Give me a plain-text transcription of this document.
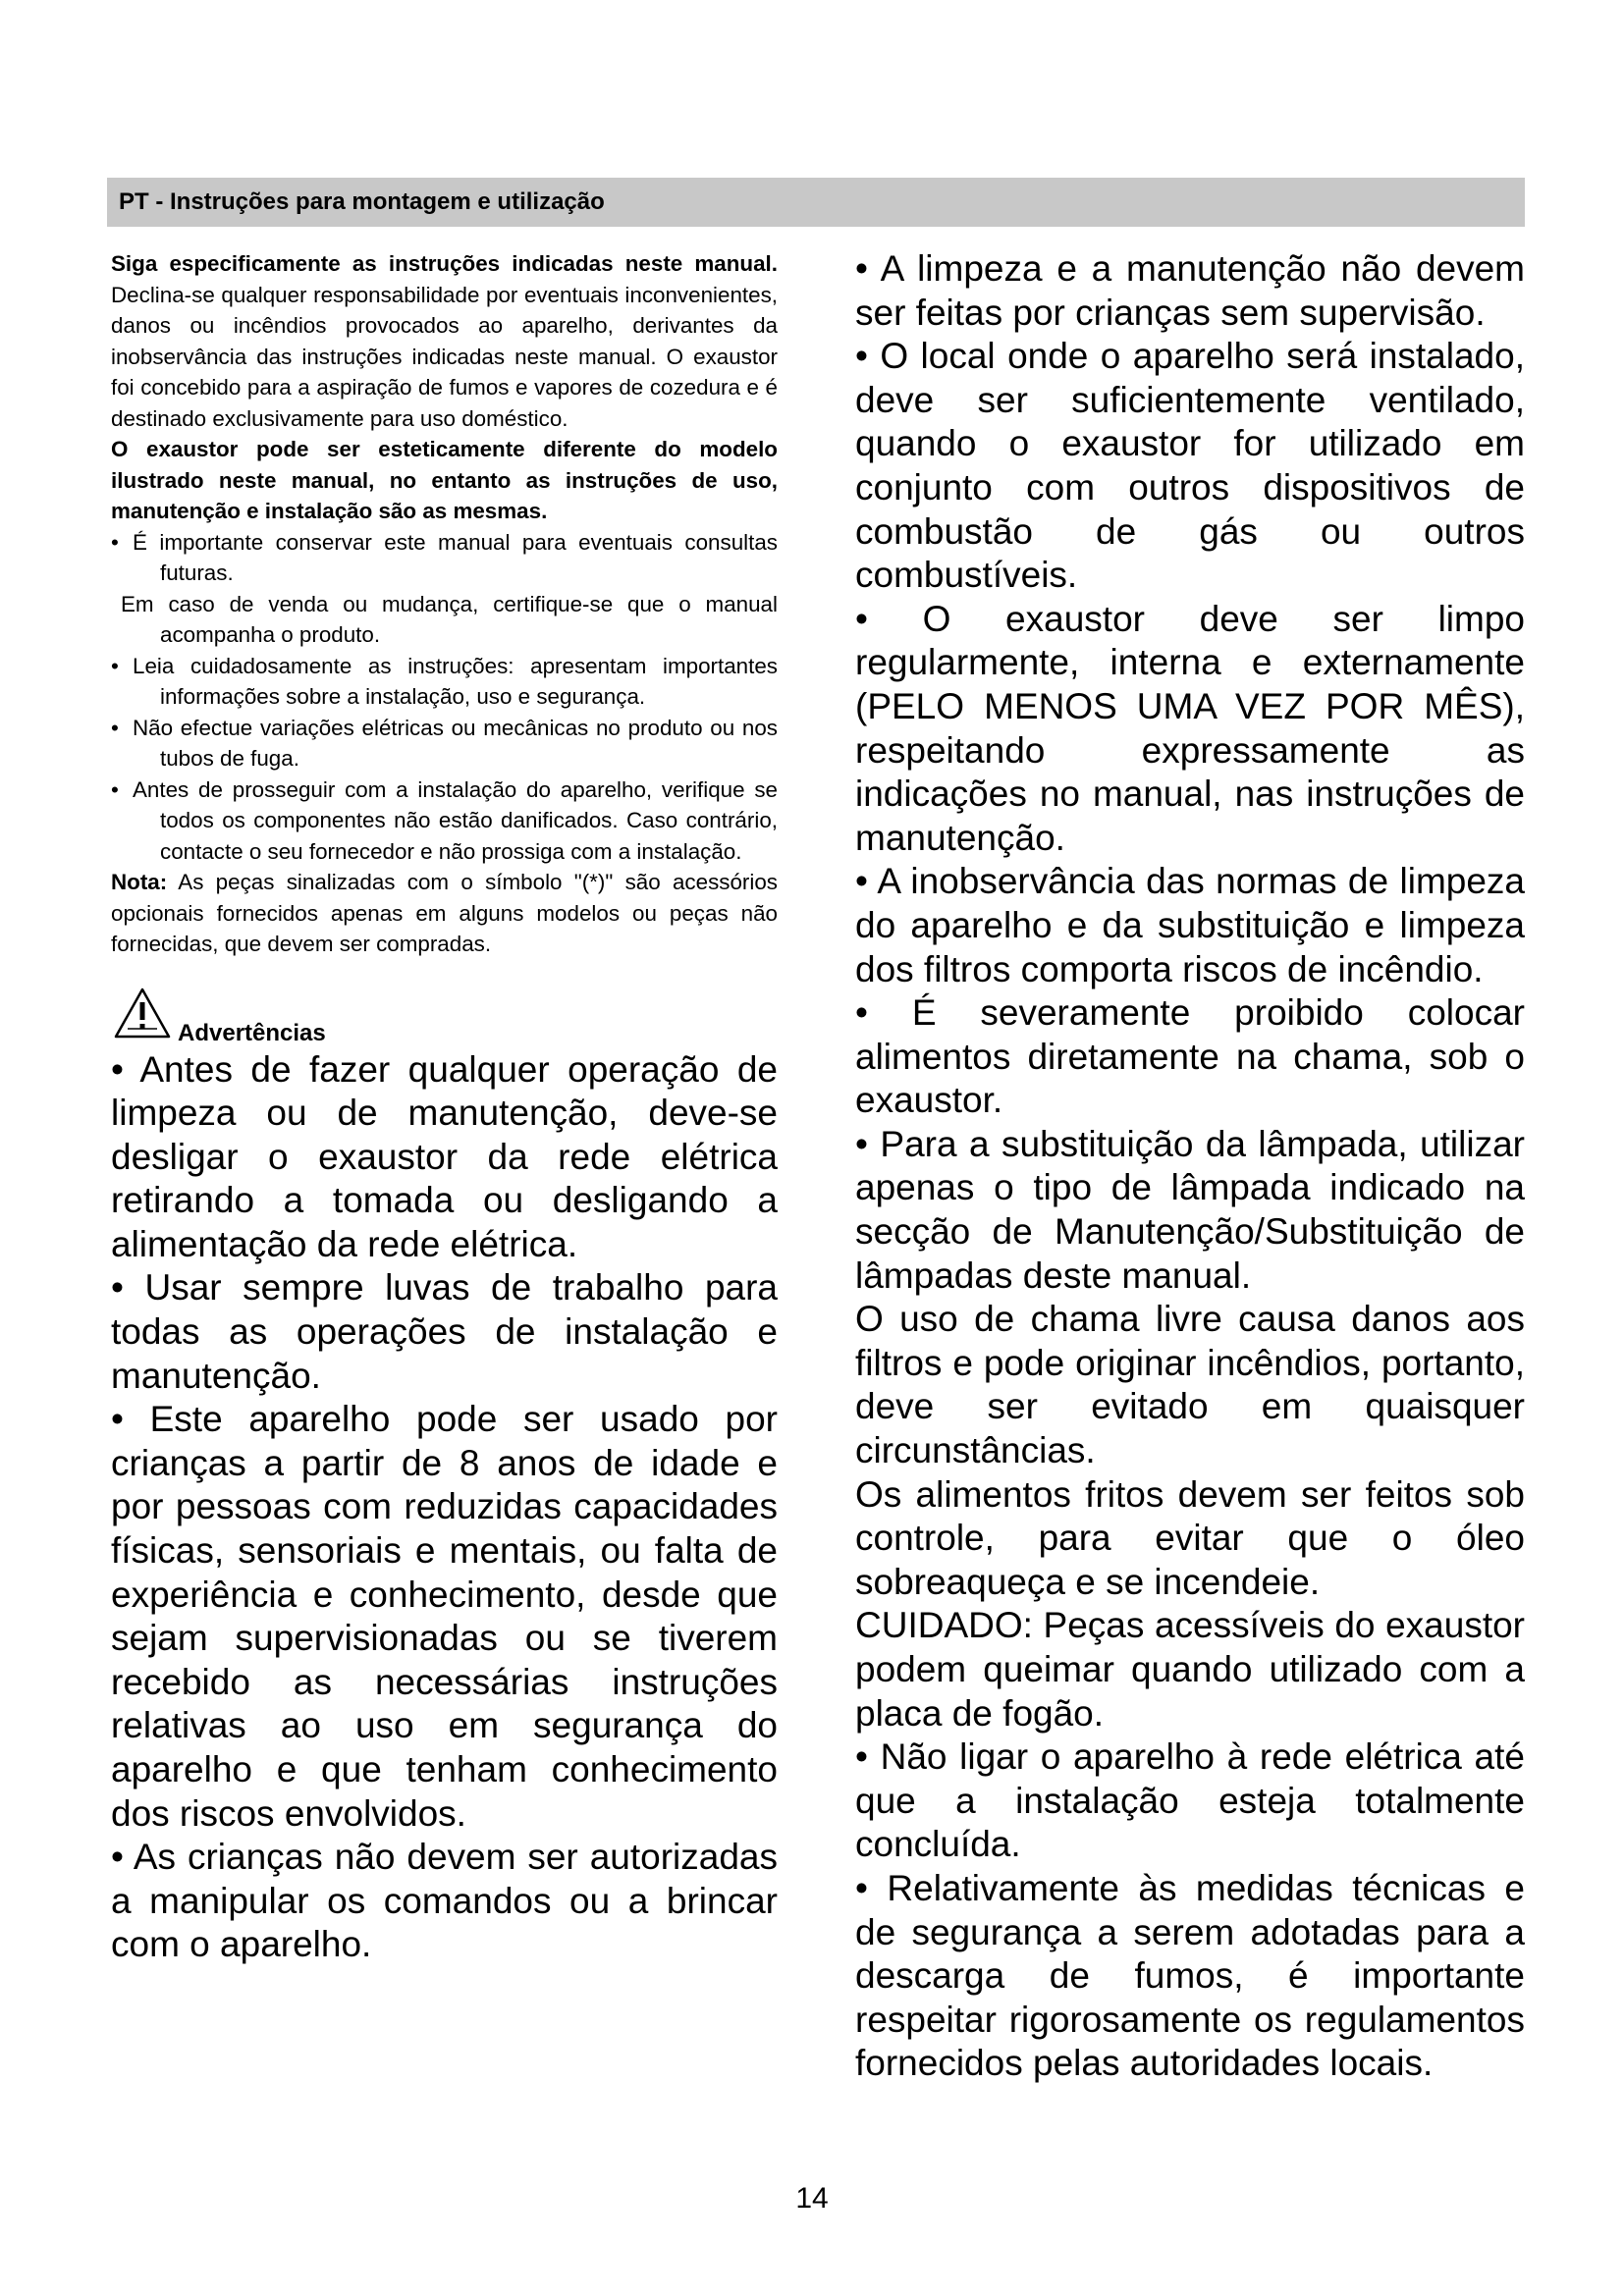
PT - Instruções para montagem e utilização

Siga especificamente as instruções indicadas neste manual. Declina-se qualquer responsabilidade por eventuais inconvenientes, danos ou incêndios provocados ao aparelho, derivantes da inobservância das instruções indicadas neste manual. O exaustor foi concebido para a aspiração de fumos e vapores de cozedura e é destinado exclusivamente para uso doméstico.

O exaustor pode ser esteticamente diferente do modelo ilustrado neste manual, no entanto as instruções de uso, manutenção e instalação são as mesmas.

• É importante conservar este manual para eventuais consultas futuras.

Em caso de venda ou mudança, certifique-se que o manual acompanha o produto.

• Leia cuidadosamente as instruções: apresentam importantes informações sobre a instalação, uso e segurança.

• Não efectue variações elétricas ou mecânicas no produto ou nos tubos de fuga.

• Antes de prosseguir com a instalação do aparelho, verifique se todos os componentes não estão danificados. Caso contrário, contacte o seu fornecedor e não prossiga com a instalação.

Nota: As peças sinalizadas com o símbolo "(*)" são acessórios opcionais fornecidos apenas em alguns modelos ou peças não fornecidas, que devem ser compradas.

Advertências

• Antes de fazer qualquer operação de limpeza ou de manutenção, deve-se desligar o exaustor da rede elétrica retirando a tomada ou desligando a alimentação da rede elétrica.

• Usar sempre luvas de trabalho para todas as operações de instalação e manutenção.

• Este aparelho pode ser usado por crianças a partir de 8 anos de idade e por pessoas com reduzidas capacidades físicas, sensoriais e mentais, ou falta de experiência e conhecimento, desde que sejam supervisionadas ou se tiverem recebido as necessárias instruções relativas ao uso em segurança do aparelho e que tenham conhecimento dos riscos envolvidos.

• As crianças não devem ser autorizadas a manipular os comandos ou a brincar com o aparelho.

• A limpeza e a manutenção não devem ser feitas por crianças sem supervisão.

• O local onde o aparelho será instalado, deve ser suficientemente ventilado, quando o exaustor for utilizado em conjunto com outros dispositivos de combustão de gás ou outros combustíveis.

• O exaustor deve ser limpo regularmente, interna e externamente (PELO MENOS UMA VEZ POR MÊS), respeitando expressamente as indicações no manual, nas instruções de manutenção.

• A inobservância das normas de limpeza do aparelho e da substituição e limpeza dos filtros comporta riscos de incêndio.

• É severamente proibido colocar alimentos diretamente na chama, sob o exaustor.

• Para a substituição da lâmpada, utilizar apenas o tipo de lâmpada indicado na secção de Manutenção/Substituição de lâmpadas deste manual.

O uso de chama livre causa danos aos filtros e pode originar incêndios, portanto, deve ser evitado em quaisquer circunstâncias.

Os alimentos fritos devem ser feitos sob controle, para evitar que o óleo sobreaqueça e se incendeie.

CUIDADO: Peças acessíveis do exaustor podem queimar quando utilizado com a placa de fogão.

• Não ligar o aparelho à rede elétrica até que a instalação esteja totalmente concluída.

• Relativamente às medidas técnicas e de segurança a serem adotadas para a descarga de fumos, é importante respeitar rigorosamente os regulamentos fornecidos pelas autoridades locais.

14
